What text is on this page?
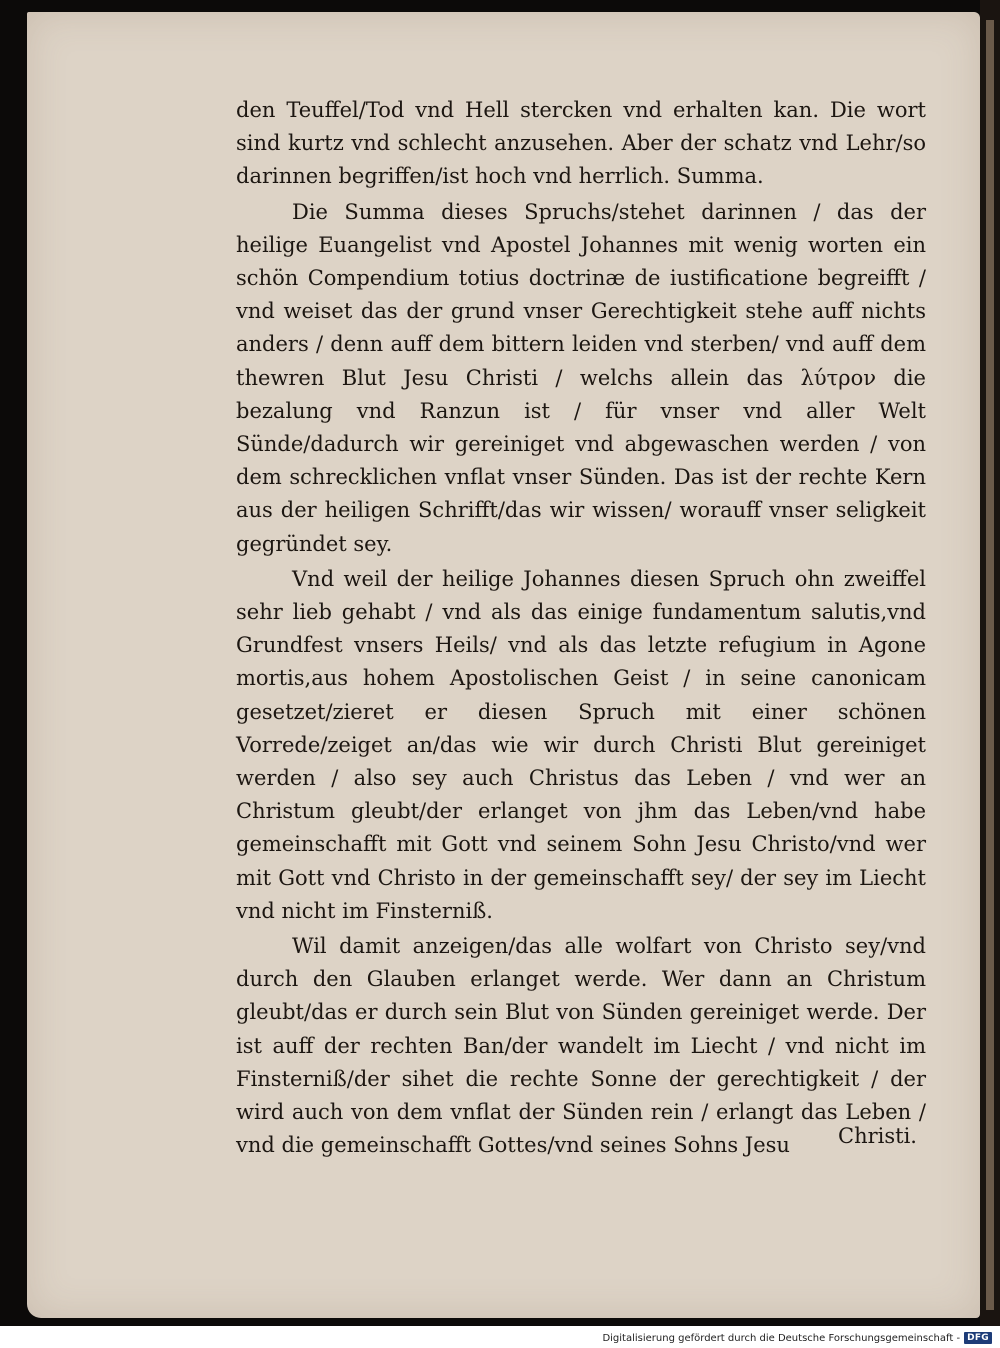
den Teuffel/Tod vnd Hell stercken vnd erhalten kan. Die wort sind kurtz vnd schlecht anzusehen. Aber der schatz vnd Lehr/so darinnen begriffen/ist hoch vnd herrlich. Summa.

Die Summa dieses Spruchs/stehet darinnen / das der heilige Euangelist vnd Apostel Johannes mit wenig worten ein schön Compendium totius doctrinæ de iustificatione begreifft / vnd weiset das der grund vnser Gerechtigkeit stehe auff nichts anders / denn auff dem bittern leiden vnd sterben/ vnd auff dem thewren Blut Jesu Christi / welchs allein das λύτρον die bezalung vnd Ranzun ist / für vnser vnd aller Welt Sünde/dadurch wir gereiniget vnd abgewaschen werden / von dem schrecklichen vnflat vnser Sünden. Das ist der rechte Kern aus der heiligen Schrifft/das wir wissen/ worauff vnser seligkeit gegründet sey.

Vnd weil der heilige Johannes diesen Spruch ohn zweiffel sehr lieb gehabt / vnd als das einige fundamentum salutis,vnd Grundfest vnsers Heils/ vnd als das letzte refugium in Agone mortis,aus hohem Apostolischen Geist / in seine canonicam gesetzet/zieret er diesen Spruch mit einer schönen Vorrede/zeiget an/das wie wir durch Christi Blut gereiniget werden / also sey auch Christus das Leben / vnd wer an Christum gleubt/der erlanget von jhm das Leben/vnd habe gemeinschafft mit Gott vnd seinem Sohn Jesu Christo/vnd wer mit Gott vnd Christo in der gemeinschafft sey/ der sey im Liecht vnd nicht im Finsterniß.

Wil damit anzeigen/das alle wolfart von Christo sey/vnd durch den Glauben erlanget werde. Wer dann an Christum gleubt/das er durch sein Blut von Sünden gereiniget werde. Der ist auff der rechten Ban/der wandelt im Liecht / vnd nicht im Finsterniß/der sihet die rechte Sonne der gerechtigkeit / der wird auch von dem vnflat der Sünden rein / erlangt das Leben / vnd die gemeinschafft Gottes/vnd seines Sohns Jesu	Christi.
Digitalisierung gefördert durch die Deutsche Forschungsgemeinschaft - DFG
